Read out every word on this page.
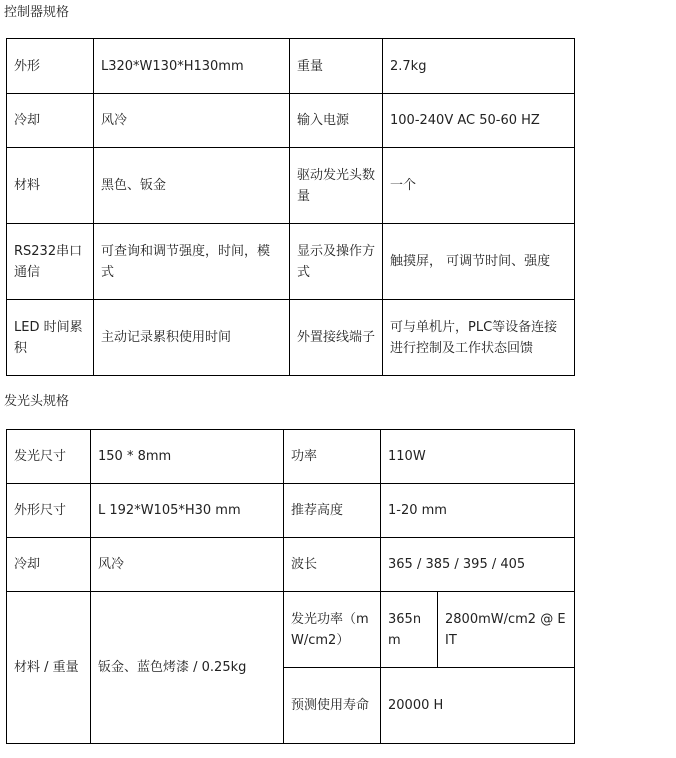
控制器规格
外形	L320*W130*H130mm	重量	2.7kg
冷却	风冷	输入电源	100-240V AC 50-60 HZ
材料	黑色、钣金	驱动发光头数量	一个
RS232串口通信	可查询和调节强度，时间，模式	显示及操作方式	触摸屏， 可调节时间、强度
LED 时间累积	主动记录累积使用时间	外置接线端子	可与单机片，PLC等设备连接进行控制及工作状态回馈
发光头规格
发光尺寸	150 * 8mm	功率	110W	
外形尺寸	L 192*W105*H30 mm	推荐高度	1-20 mm	
冷却	风冷	波长	365 / 385 / 395 / 405	
材料 / 重量	钣金、蓝色烤漆 / 0.25kg	发光功率（mW/cm2）	365nm	2800mW/cm2 @ EIT
		预测使用寿命	20000 H	
